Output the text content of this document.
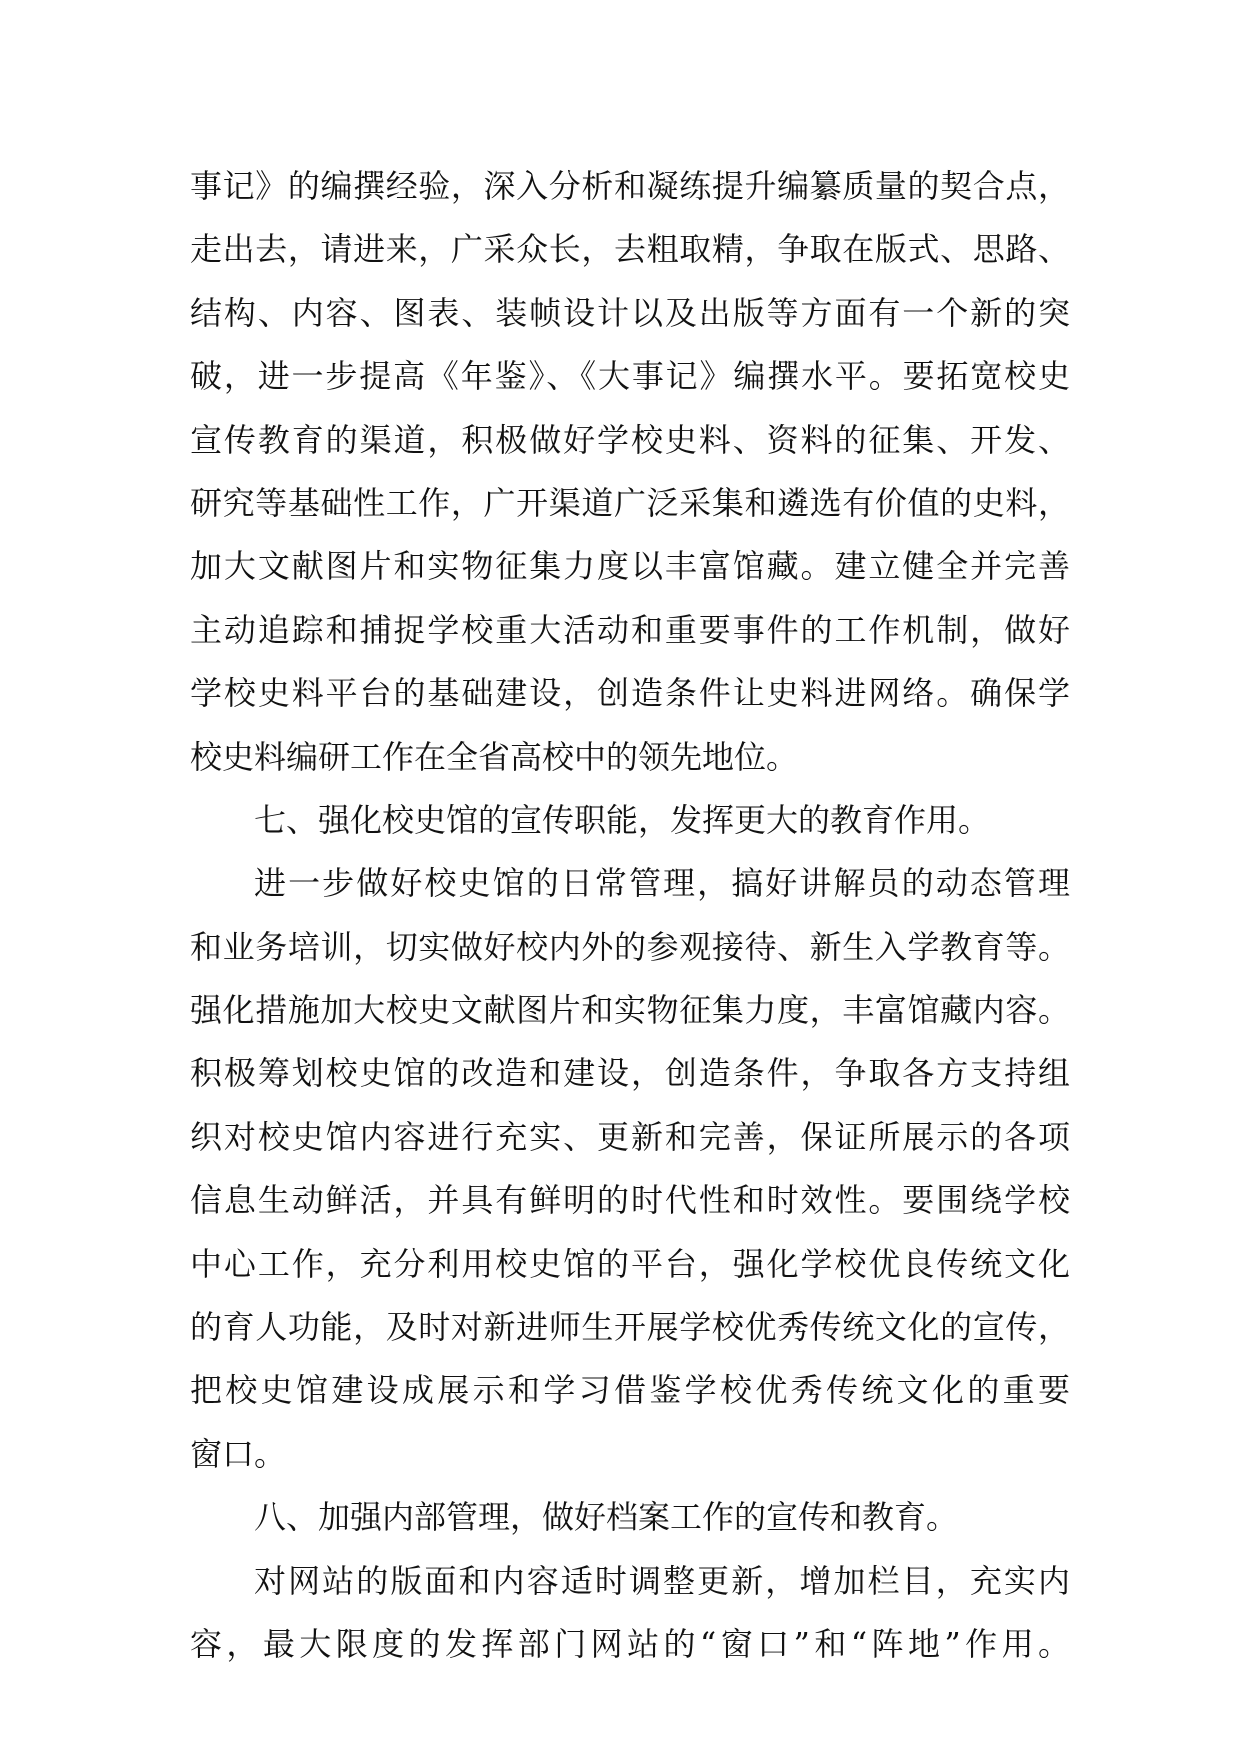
事记》的编撰经验，深入分析和凝练提升编纂质量的契合点，
走出去，请进来，广采众长，去粗取精，争取在版式、思路、
结构、内容、图表、装帧设计以及出版等方面有一个新的突
破，进一步提高《年鉴》、《大事记》编撰水平。要拓宽校史
宣传教育的渠道，积极做好学校史料、资料的征集、开发、
研究等基础性工作，广开渠道广泛采集和遴选有价值的史料，
加大文献图片和实物征集力度以丰富馆藏。建立健全并完善
主动追踪和捕捉学校重大活动和重要事件的工作机制，做好
学校史料平台的基础建设，创造条件让史料进网络。确保学
校史料编研工作在全省高校中的领先地位。
七、强化校史馆的宣传职能，发挥更大的教育作用。
进一步做好校史馆的日常管理，搞好讲解员的动态管理
和业务培训，切实做好校内外的参观接待、新生入学教育等。
强化措施加大校史文献图片和实物征集力度，丰富馆藏内容。
积极筹划校史馆的改造和建设，创造条件，争取各方支持组
织对校史馆内容进行充实、更新和完善，保证所展示的各项
信息生动鲜活，并具有鲜明的时代性和时效性。要围绕学校
中心工作，充分利用校史馆的平台，强化学校优良传统文化
的育人功能，及时对新进师生开展学校优秀传统文化的宣传，
把校史馆建设成展示和学习借鉴学校优秀传统文化的重要
窗口。
八、加强内部管理，做好档案工作的宣传和教育。
对网站的版面和内容适时调整更新，增加栏目，充实内
容，最大限度的发挥部门网站的“窗口”和“阵地”作用。
